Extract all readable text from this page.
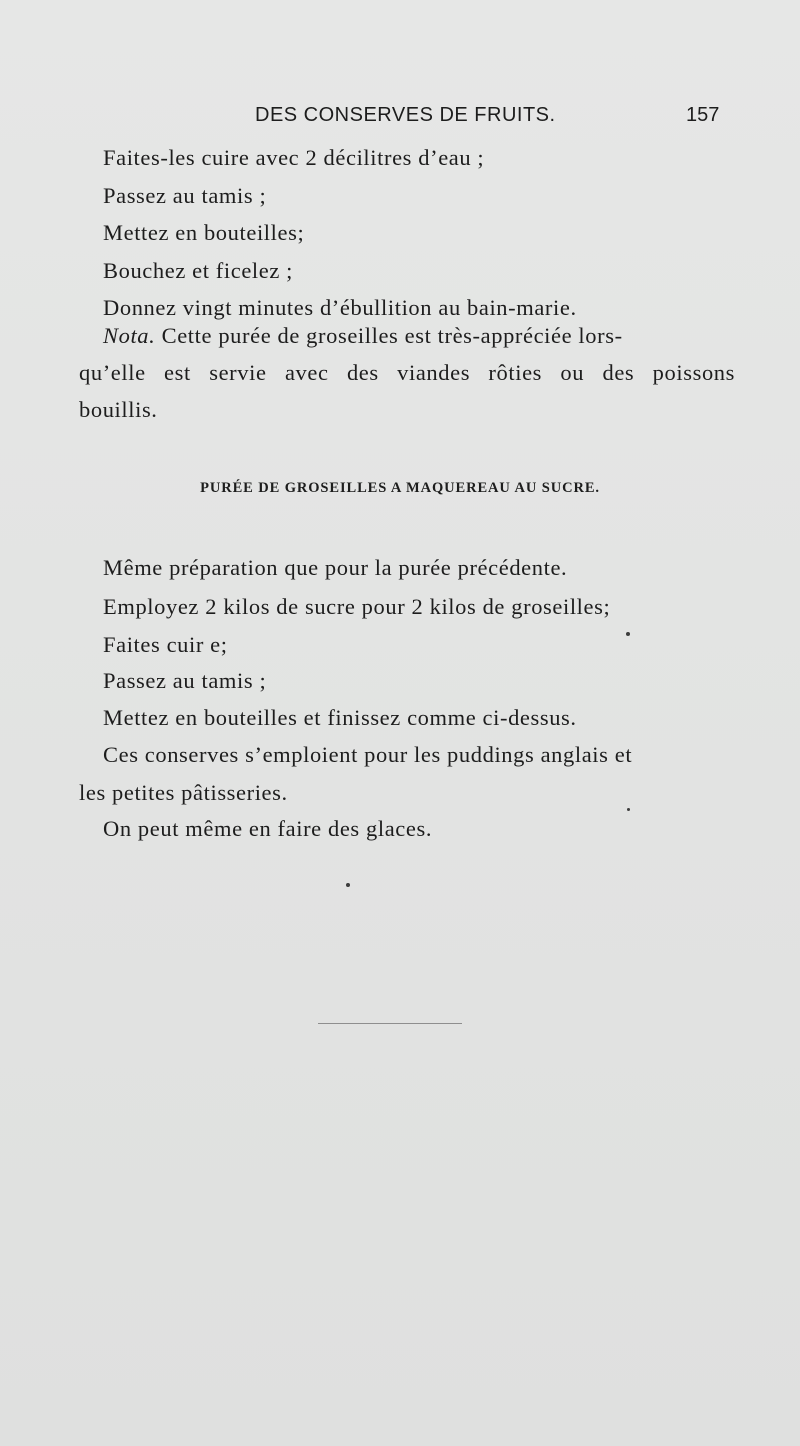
DES CONSERVES DE FRUITS.	157
Faites-les cuire avec 2 décilitres d’eau ;
Passez au tamis ;
Mettez en bouteilles;
Bouchez et ficelez ;
Donnez vingt minutes d’ébullition au bain-marie.
Nota. Cette purée de groseilles est très-appréciée lors-
qu’elle est servie avec des viandes rôties ou des poissons
bouillis.
PURÉE DE GROSEILLES A MAQUEREAU AU SUCRE.
Même préparation que pour la purée précédente.
Employez 2 kilos de sucre pour 2 kilos de groseilles;
Faites cuir e;
Passez au tamis ;
Mettez en bouteilles et finissez comme ci-dessus.
Ces conserves s’emploient pour les puddings anglais et
les petites pâtisseries.
On peut même en faire des glaces.
